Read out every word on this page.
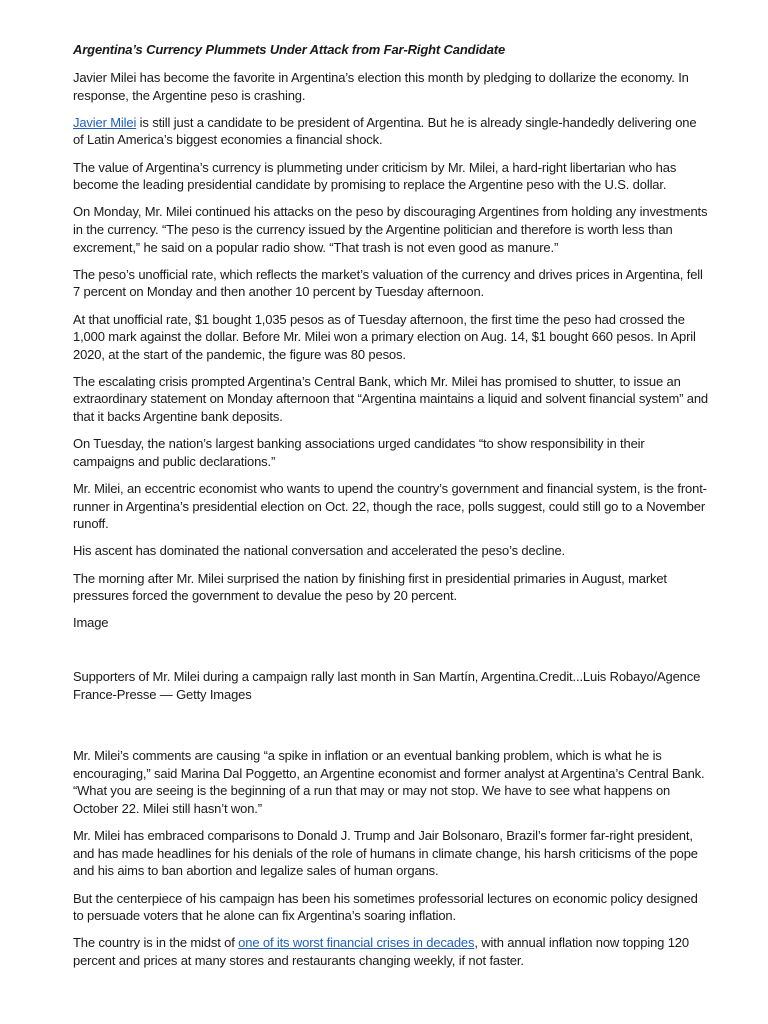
Argentina’s Currency Plummets Under Attack from Far-Right Candidate

Javier Milei has become the favorite in Argentina’s election this month by pledging to dollarize the economy. In response, the Argentine peso is crashing.

Javier Milei is still just a candidate to be president of Argentina. But he is already single-handedly delivering one of Latin America’s biggest economies a financial shock.

The value of Argentina’s currency is plummeting under criticism by Mr. Milei, a hard-right libertarian who has become the leading presidential candidate by promising to replace the Argentine peso with the U.S. dollar.

On Monday, Mr. Milei continued his attacks on the peso by discouraging Argentines from holding any investments in the currency. “The peso is the currency issued by the Argentine politician and therefore is worth less than excrement,” he said on a popular radio show. “That trash is not even good as manure.”

The peso’s unofficial rate, which reflects the market’s valuation of the currency and drives prices in Argentina, fell 7 percent on Monday and then another 10 percent by Tuesday afternoon.

At that unofficial rate, $1 bought 1,035 pesos as of Tuesday afternoon, the first time the peso had crossed the 1,000 mark against the dollar. Before Mr. Milei won a primary election on Aug. 14, $1 bought 660 pesos. In April 2020, at the start of the pandemic, the figure was 80 pesos.

The escalating crisis prompted Argentina’s Central Bank, which Mr. Milei has promised to shutter, to issue an extraordinary statement on Monday afternoon that “Argentina maintains a liquid and solvent financial system” and that it backs Argentine bank deposits.

On Tuesday, the nation’s largest banking associations urged candidates “to show responsibility in their campaigns and public declarations.”

Mr. Milei, an eccentric economist who wants to upend the country’s government and financial system, is the front-runner in Argentina’s presidential election on Oct. 22, though the race, polls suggest, could still go to a November runoff.

His ascent has dominated the national conversation and accelerated the peso’s decline.

The morning after Mr. Milei surprised the nation by finishing first in presidential primaries in August, market pressures forced the government to devalue the peso by 20 percent.

Image

Supporters of Mr. Milei during a campaign rally last month in San Martín, Argentina.Credit...Luis Robayo/Agence France-Presse — Getty Images

Mr. Milei’s comments are causing “a spike in inflation or an eventual banking problem, which is what he is encouraging,” said Marina Dal Poggetto, an Argentine economist and former analyst at Argentina’s Central Bank. “What you are seeing is the beginning of a run that may or may not stop. We have to see what happens on October 22. Milei still hasn’t won.”

Mr. Milei has embraced comparisons to Donald J. Trump and Jair Bolsonaro, Brazil’s former far-right president, and has made headlines for his denials of the role of humans in climate change, his harsh criticisms of the pope and his aims to ban abortion and legalize sales of human organs.

But the centerpiece of his campaign has been his sometimes professorial lectures on economic policy designed to persuade voters that he alone can fix Argentina’s soaring inflation.

The country is in the midst of one of its worst financial crises in decades, with annual inflation now topping 120 percent and prices at many stores and restaurants changing weekly, if not faster.
